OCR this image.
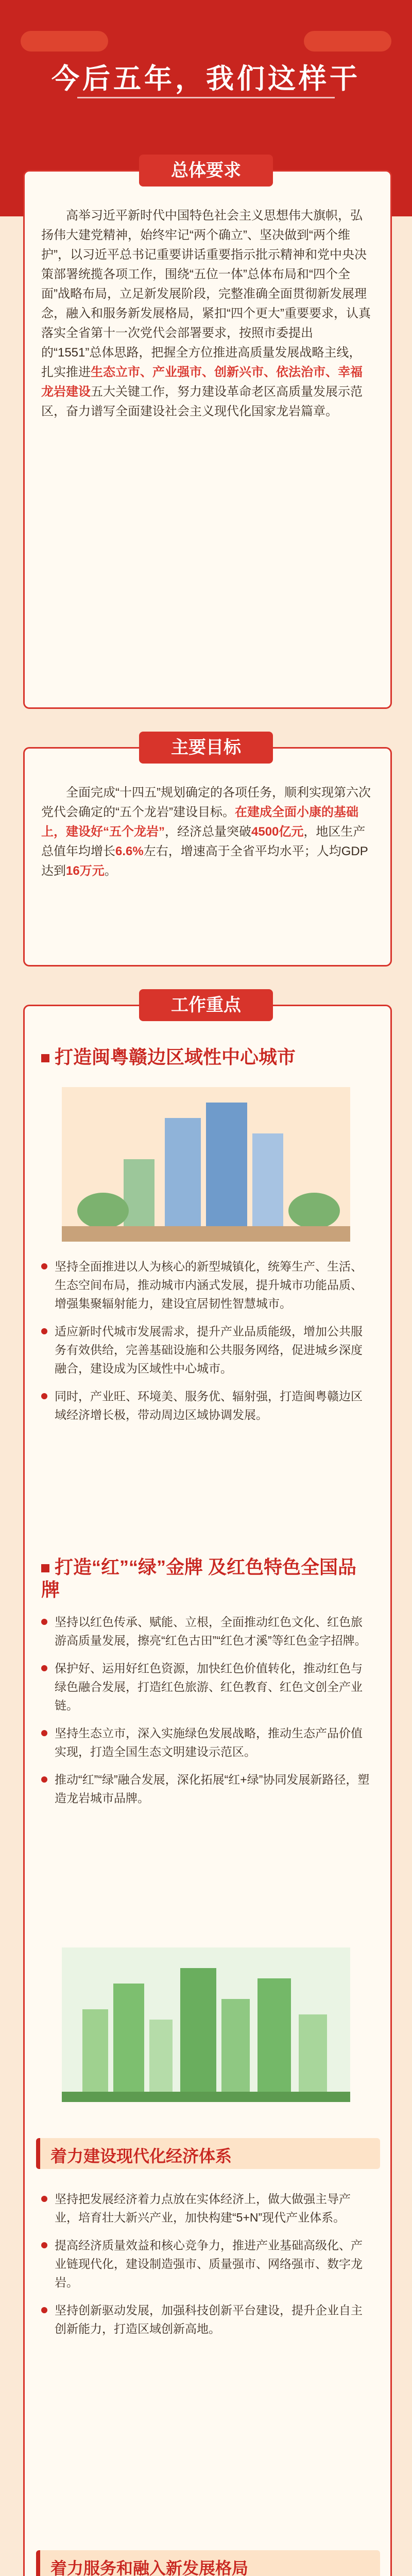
今后五年，我们这样干
总体要求
高举习近平新时代中国特色社会主义思想伟大旗帜，弘扬伟大建党精神，始终牢记“两个确立”、坚决做到“两个维护”，以习近平总书记重要讲话重要指示批示精神和党中央决策部署统揽各项工作，围绕“五位一体”总体布局和“四个全面”战略布局，立足新发展阶段，完整准确全面贯彻新发展理念，融入和服务新发展格局，紧扣“四个更大”重要要求，认真落实全省第十一次党代会部署要求，按照市委提出的“1551”总体思路，把握全方位推进高质量发展战略主线，扎实推进生态立市、产业强市、创新兴市、依法治市、幸福龙岩建设五大关键工作，努力建设革命老区高质量发展示范区，奋力谱写全面建设社会主义现代化国家龙岩篇章。
主要目标
全面完成“十四五”规划确定的各项任务，顺利实现第六次党代会确定的“五个龙岩”建设目标。在建成全面小康的基础上，建设好“五个龙岩”，经济总量突破4500亿元，地区生产总值年均增长6.6%左右，增速高于全省平均水平；人均GDP达到16万元。
工作重点
打造闽粤赣边区域性中心城市
坚持全面推进以人为核心的新型城镇化，统筹生产、生活、生态空间布局，推动城市内涵式发展，提升城市功能品质、增强集聚辐射能力，建设宜居韧性智慧城市。
适应新时代城市发展需求，提升产业品质能级，增加公共服务有效供给，完善基础设施和公共服务网络，促进城乡深度融合，建设成为区域性中心城市。
同时，产业旺、环境美、服务优、辐射强，打造闽粤赣边区域经济增长极，带动周边区域协调发展。
打造“红”“绿”金牌 及红色特色全国品牌
坚持以红色传承、赋能、立根，全面推动红色文化、红色旅游高质量发展，擦亮“红色古田”“红色才溪”等红色金字招牌。
保护好、运用好红色资源，加快红色价值转化，推动红色与绿色融合发展，打造红色旅游、红色教育、红色文创全产业链。
坚持生态立市，深入实施绿色发展战略，推动生态产品价值实现，打造全国生态文明建设示范区。
推动“红”“绿”融合发展，深化拓展“红+绿”协同发展新路径，塑造龙岩城市品牌。
着力建设现代化经济体系
坚持把发展经济着力点放在实体经济上，做大做强主导产业，培育壮大新兴产业，加快构建“5+N”现代产业体系。
提高经济质量效益和核心竞争力，推进产业基础高级化、产业链现代化，建设制造强市、质量强市、网络强市、数字龙岩。
坚持创新驱动发展，加强科技创新平台建设，提升企业自主创新能力，打造区域创新高地。
着力服务和融入新发展格局
